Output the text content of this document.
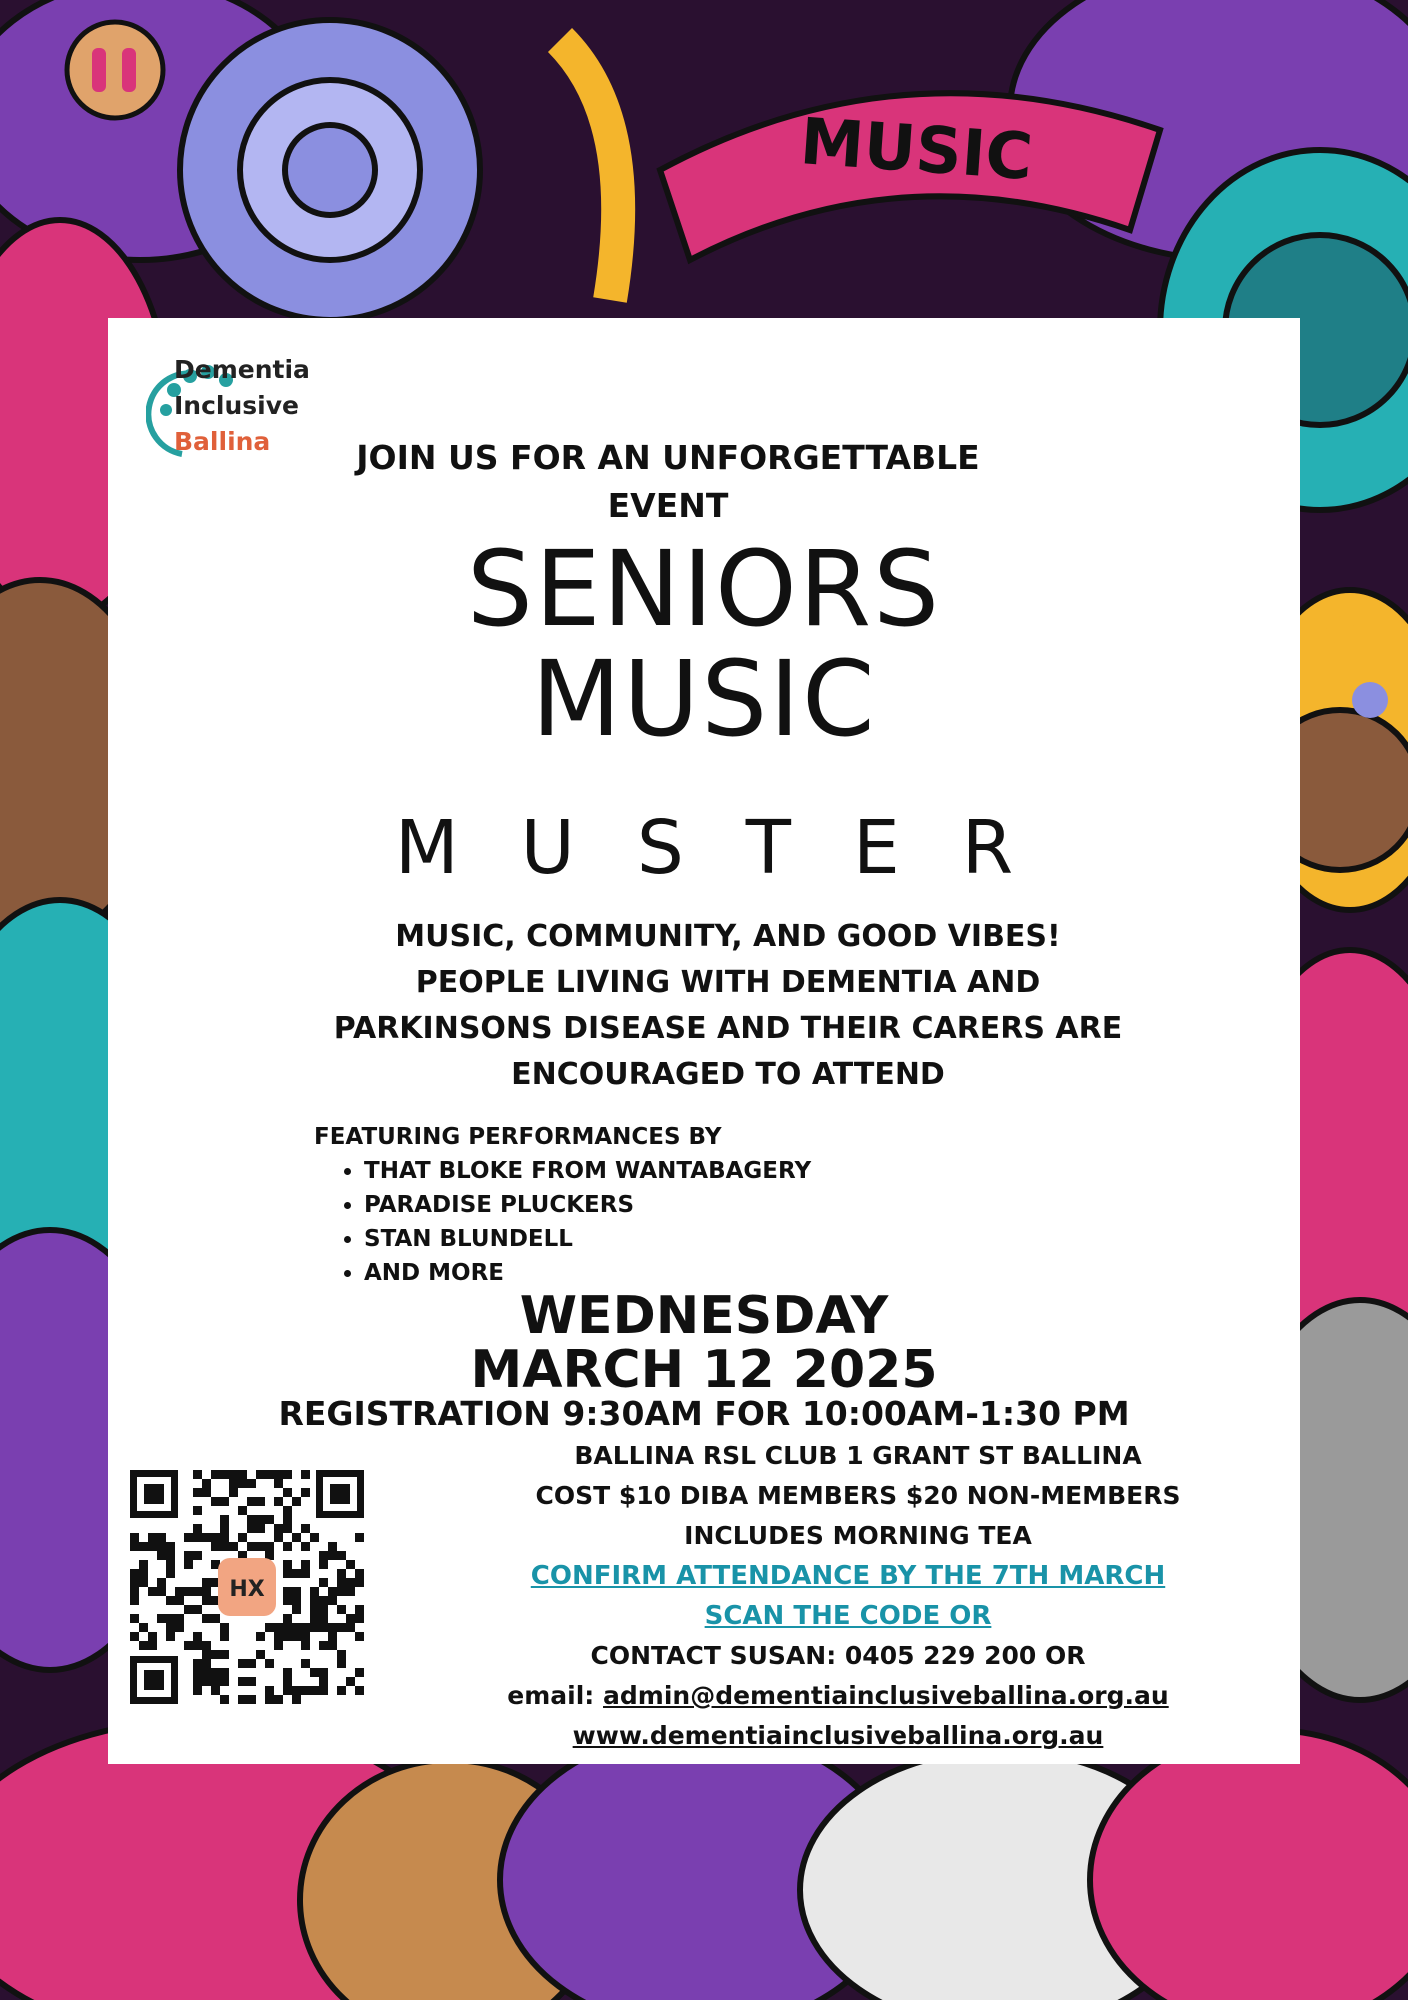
MUSIC
Dementia
Inclusive
Ballina	JOIN US FOR AN UNFORGETTABLE EVENT
SENIORS
MUSIC
MUSTER
MUSIC, COMMUNITY, AND GOOD VIBES!
PEOPLE LIVING WITH DEMENTIA AND
PARKINSONS DISEASE AND THEIR CARERS ARE
ENCOURAGED TO ATTEND
FEATURING PERFORMANCES BY
• THAT BLOKE FROM WANTABAGERY
• PARADISE PLUCKERS
• STAN BLUNDELL
• AND MORE
WEDNESDAY
MARCH 12 2025
REGISTRATION 9:30AM FOR 10:00AM-1:30 PM
BALLINA RSL CLUB 1 GRANT ST BALLINA
COST $10 DIBA MEMBERS $20 NON-MEMBERS
INCLUDES MORNING TEA
CONFIRM ATTENDANCE BY THE 7TH MARCH
SCAN THE CODE OR
CONTACT SUSAN: 0405 229 200 OR
email: admin@dementiainclusiveballina.org.au
www.dementiainclusiveballina.org.au
HX
